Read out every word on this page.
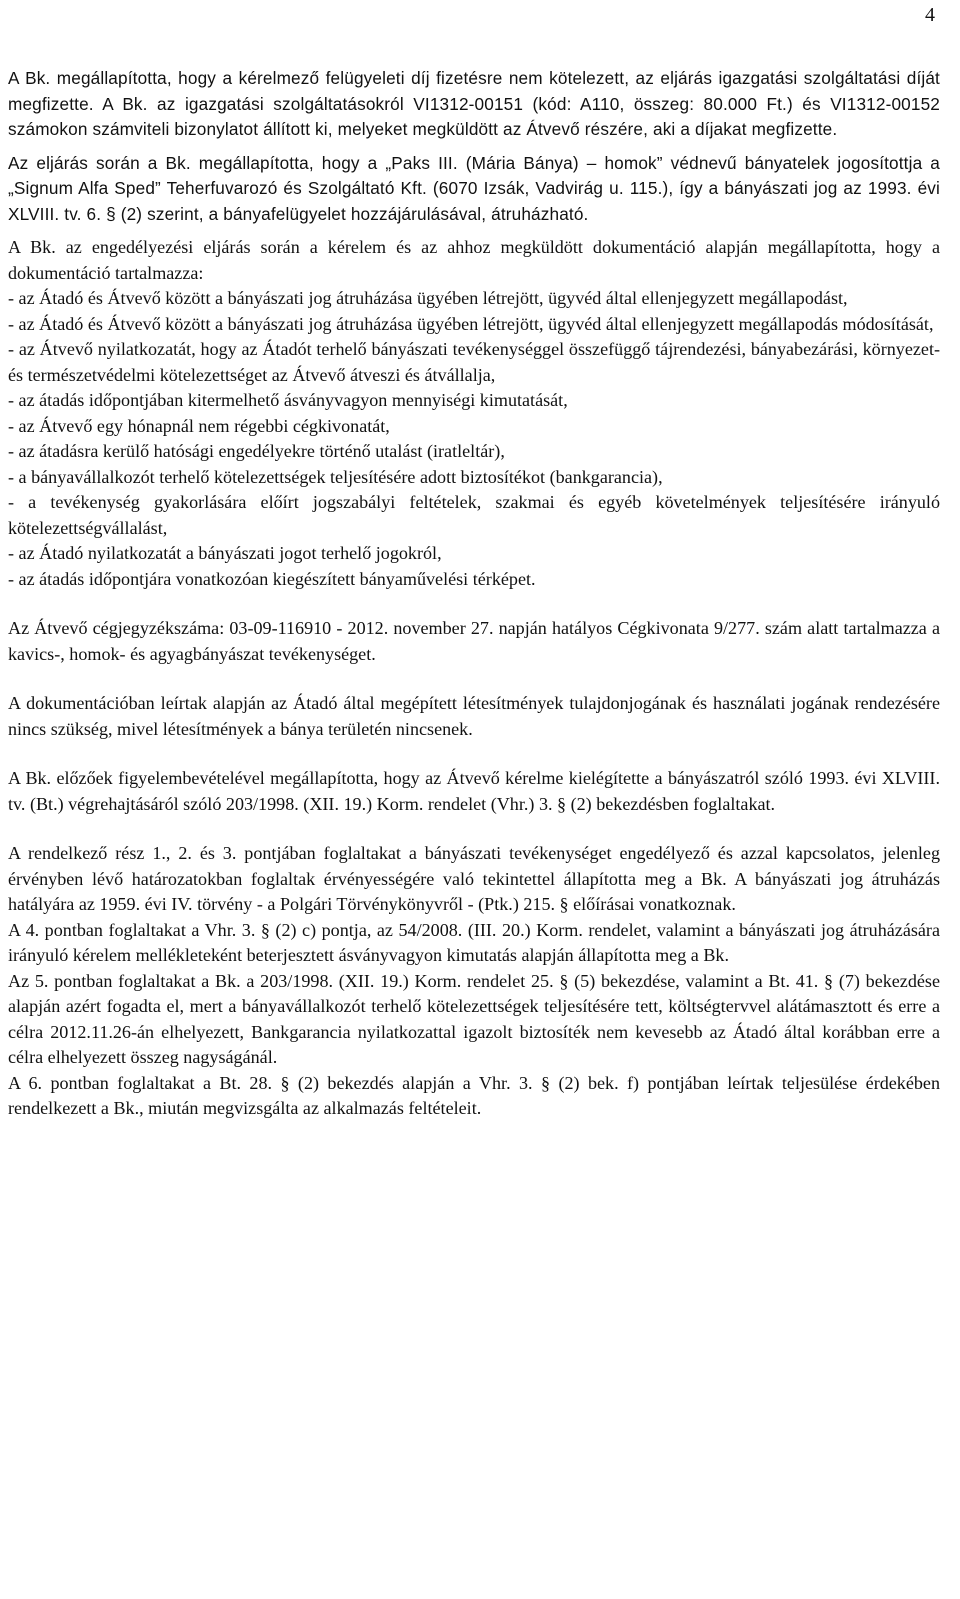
4

A Bk. megállapította, hogy a kérelmező felügyeleti díj fizetésre nem kötelezett, az eljárás igazgatási szolgáltatási díját megfizette. A Bk. az igazgatási szolgáltatásokról VI1312-00151 (kód: A110, összeg: 80.000 Ft.) és VI1312-00152 számokon számviteli bizonylatot állított ki, melyeket megküldött az Átvevő részére, aki a díjakat megfizette.

Az eljárás során a Bk. megállapította, hogy a „Paks III. (Mária Bánya) – homok” védnevű bányatelek jogosítottja a „Signum Alfa Sped” Teherfuvarozó és Szolgáltató Kft. (6070 Izsák, Vadvirág u. 115.), így a bányászati jog az 1993. évi XLVIII. tv. 6. § (2) szerint, a bányafelügyelet hozzájárulásával, átruházható.

A Bk. az engedélyezési eljárás során a kérelem és az ahhoz megküldött dokumentáció alapján megállapította, hogy a dokumentáció tartalmazza:
- az Átadó és Átvevő között a bányászati jog átruházása ügyében létrejött, ügyvéd által ellenjegyzett megállapodást,
- az Átadó és Átvevő között a bányászati jog átruházása ügyében létrejött, ügyvéd által ellenjegyzett megállapodás módosítását,
- az Átvevő nyilatkozatát, hogy az Átadót terhelő bányászati tevékenységgel összefüggő tájrendezési, bányabezárási, környezet- és természetvédelmi kötelezettséget az Átvevő átveszi és átvállalja,
- az átadás időpontjában kitermelhető ásványvagyon mennyiségi kimutatását,
- az Átvevő egy hónapnál nem régebbi cégkivonatát,
- az átadásra kerülő hatósági engedélyekre történő utalást (iratleltár),
- a bányavállalkozót terhelő kötelezettségek teljesítésére adott biztosítékot (bankgarancia),
- a tevékenység gyakorlására előírt jogszabályi feltételek, szakmai és egyéb követelmények teljesítésére irányuló kötelezettségvállalást,
- az Átadó nyilatkozatát a bányászati jogot terhelő jogokról,
- az átadás időpontjára vonatkozóan kiegészített bányaművelési térképet.

Az Átvevő cégjegyzékszáma: 03-09-116910 - 2012. november 27. napján hatályos Cégkivonata 9/277. szám alatt tartalmazza a kavics-, homok- és agyagbányászat tevékenységet.

A dokumentációban leírtak alapján az Átadó által megépített létesítmények tulajdonjogának és használati jogának rendezésére nincs szükség, mivel létesítmények a bánya területén nincsenek.

A Bk. előzőek figyelembevételével megállapította, hogy az Átvevő kérelme kielégítette a bányászatról szóló 1993. évi XLVIII. tv. (Bt.) végrehajtásáról szóló 203/1998. (XII. 19.) Korm. rendelet (Vhr.) 3. § (2) bekezdésben foglaltakat.

A rendelkező rész 1., 2. és 3. pontjában foglaltakat a bányászati tevékenységet engedélyező és azzal kapcsolatos, jelenleg érvényben lévő határozatokban foglaltak érvényességére való tekintettel állapította meg a Bk. A bányászati jog átruházás hatályára az 1959. évi IV. törvény - a Polgári Törvénykönyvről - (Ptk.) 215. § előírásai vonatkoznak.
A 4. pontban foglaltakat a Vhr. 3. § (2) c) pontja, az 54/2008. (III. 20.) Korm. rendelet, valamint a bányászati jog átruházására irányuló kérelem mellékleteként beterjesztett ásványvagyon kimutatás alapján állapította meg a Bk.
Az 5. pontban foglaltakat a Bk. a 203/1998. (XII. 19.) Korm. rendelet 25. § (5) bekezdése, valamint a Bt. 41. § (7) bekezdése alapján azért fogadta el, mert a bányavállalkozót terhelő kötelezettségek teljesítésére tett, költségtervvel alátámasztott és erre a célra 2012.11.26-án elhelyezett, Bankgarancia nyilatkozattal igazolt biztosíték nem kevesebb az Átadó által korábban erre a célra elhelyezett összeg nagyságánál.
A 6. pontban foglaltakat a Bt. 28. § (2) bekezdés alapján a Vhr. 3. § (2) bek. f) pontjában leírtak teljesülése érdekében rendelkezett a Bk., miután megvizsgálta az alkalmazás feltételeit.
